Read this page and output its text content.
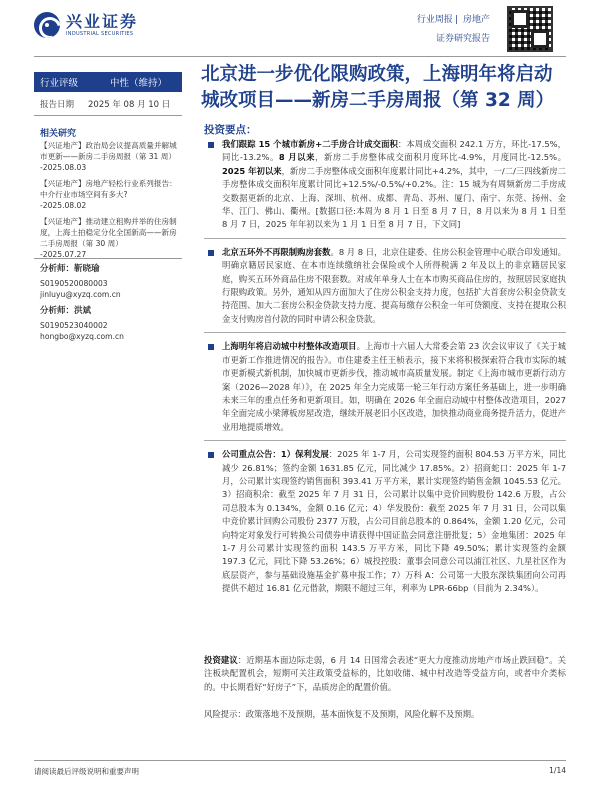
兴业证券
INDUSTRIAL SECURITIES
行业周报 | 房地产
证券研究报告
行业评级	中性（维持）
报告日期 2025 年 08 月 10 日
相关研究
【兴证地产】政治局会议提高质量并解城市更新——新房二手房周报（第 31 周）
-2025.08.03
【兴证地产】房地产轻松行业系列报告：中介行业市场空间有多大?
-2025.08.02
【兴证地产】推动建立租购并举的住房制度，上海土拍稳定分化全国新高——新房二手房周报（第 30 周）
-2025.07.27
分析师：靳晓瑜
S0190520080003
jinluyu@xyzq.com.cn
分析师：洪斌
S0190523040002
hongbo@xyzq.com.cn
北京进一步优化限购政策，上海明年将启动城改项目——新房二手房周报（第 32 周）
投资要点：
我们跟踪 15 个城市新房+二手房合计成交面积：本周成交面积 242.1 万方，环比-17.5%，同比-13.2%。8 月以来，新房二手房整体成交面积月度环比-4.9%，月度同比-12.5%。2025 年初以来，新房二手房整体成交面积年度累计同比+4.2%，其中，一/二/三四线新房二手房整体成交面积年度累计同比+12.5%/-0.5%/+0.2%。注：15 城为有周频新房二手房成交数据更新的北京、上海、深圳、杭州、成都、青岛、苏州、厦门、南宁、东莞、扬州、金华、江门、佛山、衢州。[数据口径:本周为 8 月 1 日至 8 月 7 日，8 月以来为 8 月 1 日至 8 月 7 日，2025 年年初以来为 1 月 1 日至 8 月 7 日，下文同]
北京五环外不再限制购房套数。8 月 8 日，北京住建委、住房公积金管理中心联合印发通知。明确京籍居民家庭、在本市连续缴纳社会保险或个人所得税满 2 年及以上的非京籍居民家庭，购买五环外商品住房不限套数。对成年单身人士在本市购买商品住房的，按照居民家庭执行限购政策。另外，通知从四方面加大了住房公积金支持力度，包括扩大首套房公积金贷款支持范围、加大二套房公积金贷款支持力度、提高每缴存公积金一年可贷额度、支持在提取公积金支付购房首付款的同时申请公积金贷款。
上海明年将启动城中村整体改造项目。上海市十六届人大常委会第 23 次会议审议了《关于城市更新工作推进情况的报告》。市住建委主任王桢表示，接下来将积极探索符合我市实际的城市更新模式新机制，加快城市更新步伐，推动城市高质量发展。制定《上海市城市更新行动方案（2026—2028 年）》，在 2025 年全力完成第一轮三年行动方案任务基础上，进一步明确未来三年的重点任务和更新项目。如，明确在 2026 年全面启动城中村整体改造项目，2027 年全面完成小梁薄板房屋改造，继续开展老旧小区改造，加快推动商业商务提升活力，促进产业用地提质增效。
公司重点公告：1）保利发展：2025 年 1-7 月，公司实现签约面积 804.53 万平方米，同比减少 26.81%；签约金额 1631.85 亿元，同比减少 17.85%。2）招商蛇口：2025 年 1-7 月，公司累计实现签约销售面积 393.41 万平方米，累计实现签约销售金额 1045.53 亿元。3）招商积余：截至 2025 年 7 月 31 日，公司累计以集中竞价回购股份 142.6 万股，占公司总股本为 0.134%，金额 0.16 亿元；4）华发股份：截至 2025 年 7 月 31 日，公司以集中竞价累计回购公司股份 2377 万股，占公司目前总股本的 0.864%，金额 1.20 亿元，公司向特定对象发行可转换公司债券申请获得中国证监会同意注册批复；5）金地集团：2025 年 1-7 月公司累计实现签约面积 143.5 万平方米，同比下降 49.50%；累计实现签约金额 197.3 亿元，同比下降 53.26%；6）城投控股：董事会同意公司以浦江社区、九星社区作为底层资产，参与基础设施基金扩募申报工作；7）万科 A：公司第一大股东深铁集团向公司再提供不超过 16.81 亿元借款，期限不超过三年，利率为 LPR-66bp（目前为 2.34%）。
投资建议：近期基本面边际走弱，6 月 14 日国常会表述“更大力度推动房地产市场止跌回稳”。关注板块配置机会，短期可关注政策受益标的，比如收储、城中村改造等受益方向，或者中介类标的。中长期看好“好房子”下，品质房企的配置价值。
风险提示：政策落地不及预期，基本面恢复不及预期，风险化解不及预期。
请阅读最后评级说明和重要声明	1/14
